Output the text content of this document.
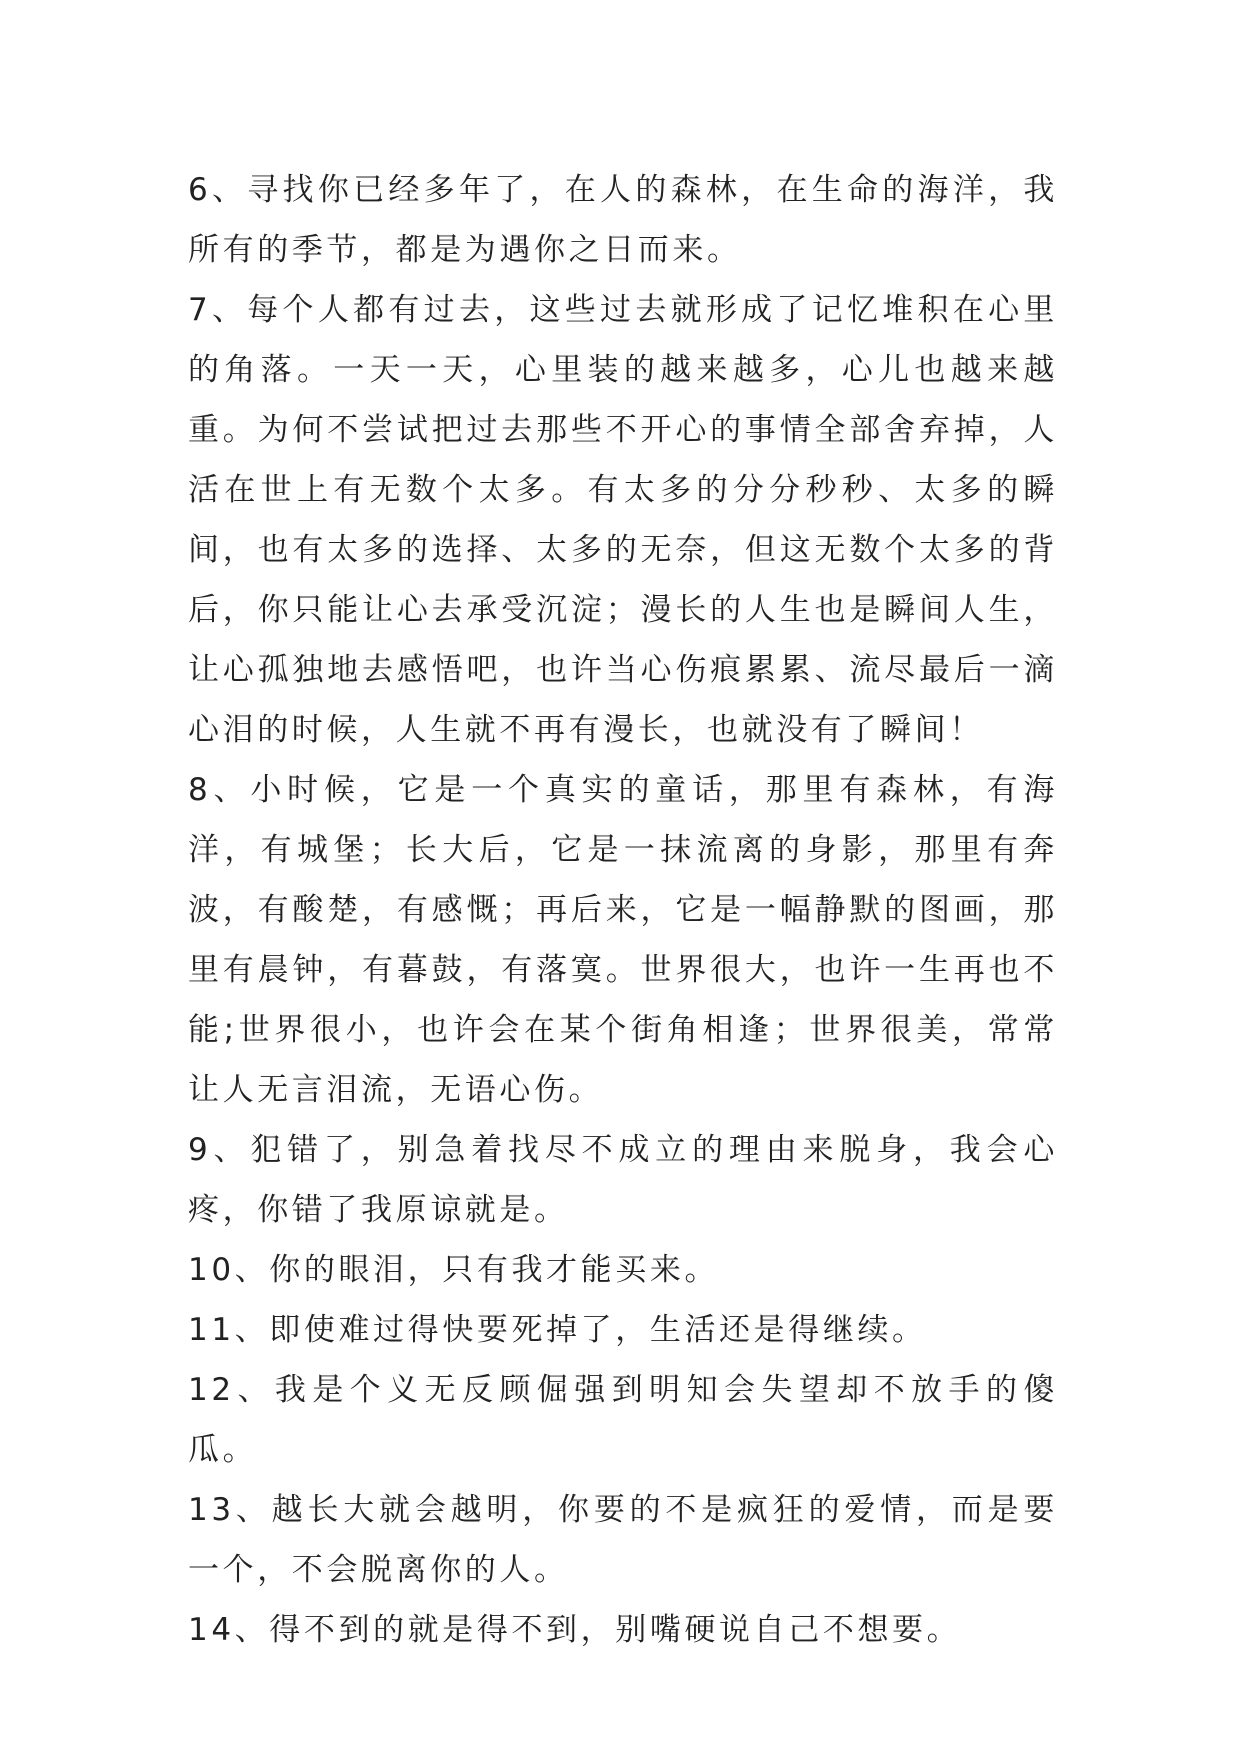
6、寻找你已经多年了，在人的森林，在生命的海洋，我所有的季节，都是为遇你之日而来。

7、每个人都有过去，这些过去就形成了记忆堆积在心里的角落。一天一天，心里装的越来越多，心儿也越来越重。为何不尝试把过去那些不开心的事情全部舍弃掉，人活在世上有无数个太多。有太多的分分秒秒、太多的瞬间，也有太多的选择、太多的无奈，但这无数个太多的背后，你只能让心去承受沉淀；漫长的人生也是瞬间人生，让心孤独地去感悟吧，也许当心伤痕累累、流尽最后一滴心泪的时候，人生就不再有漫长，也就没有了瞬间！

8、小时候，它是一个真实的童话，那里有森林，有海洋，有城堡；长大后，它是一抹流离的身影，那里有奔波，有酸楚，有感慨；再后来，它是一幅静默的图画，那里有晨钟，有暮鼓，有落寞。世界很大，也许一生再也不能;世界很小，也许会在某个街角相逢；世界很美，常常让人无言泪流，无语心伤。

9、犯错了，别急着找尽不成立的理由来脱身，我会心疼，你错了我原谅就是。

10、你的眼泪，只有我才能买来。

11、即使难过得快要死掉了，生活还是得继续。

12、我是个义无反顾倔强到明知会失望却不放手的傻瓜。

13、越长大就会越明，你要的不是疯狂的爱情，而是要一个，不会脱离你的人。

14、得不到的就是得不到，别嘴硬说自己不想要。
